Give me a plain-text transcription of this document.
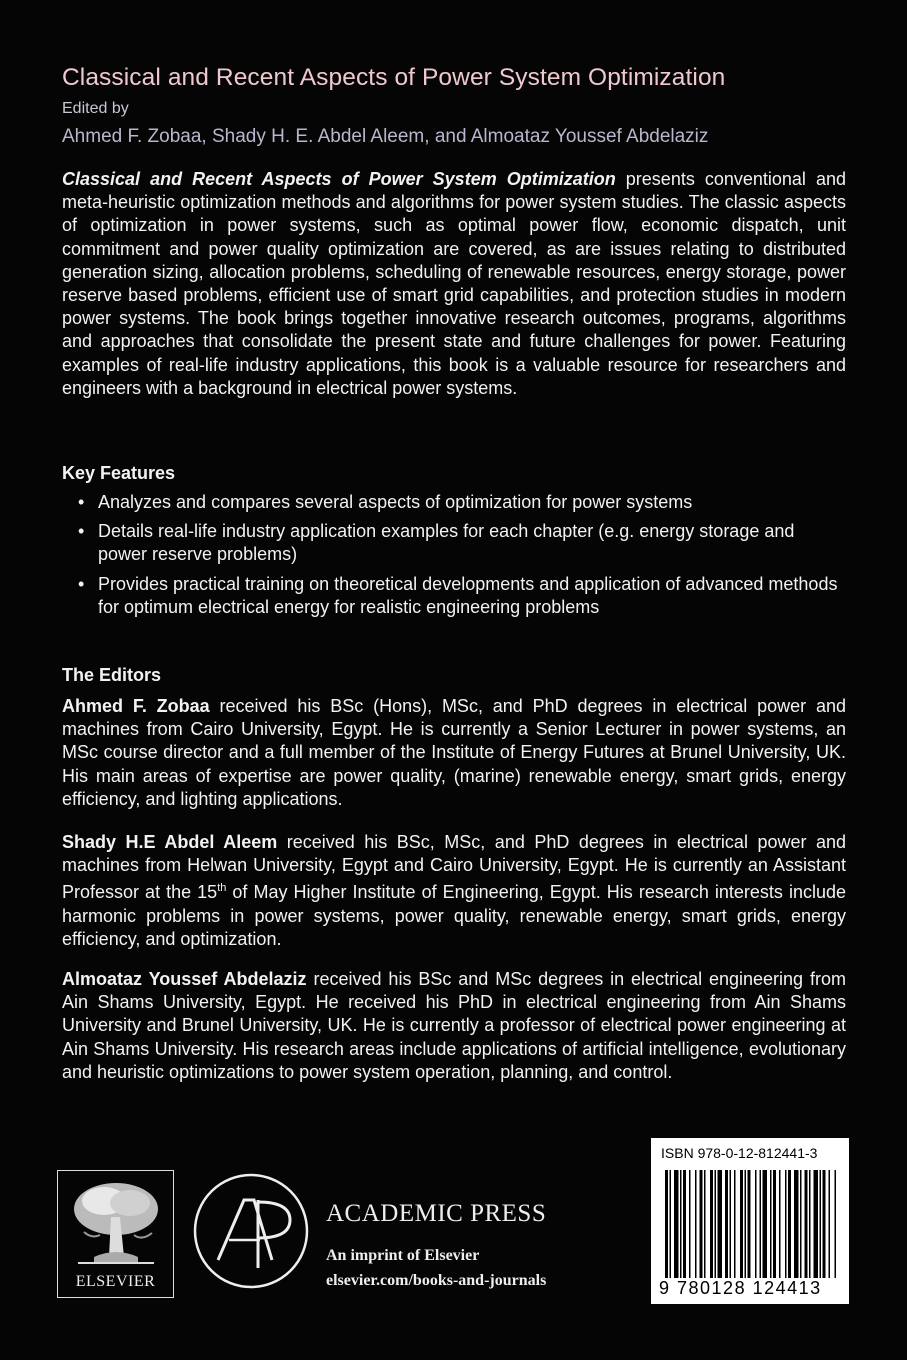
Classical and Recent Aspects of Power System Optimization
Edited by
Ahmed F. Zobaa, Shady H. E. Abdel Aleem, and Almoataz Youssef Abdelaziz

Classical and Recent Aspects of Power System Optimization presents conventional and meta-heuristic optimization methods and algorithms for power system studies. The classic aspects of optimization in power systems, such as optimal power flow, economic dispatch, unit commitment and power quality optimization are covered, as are issues relating to distributed generation sizing, allocation problems, scheduling of renewable resources, energy storage, power reserve based problems, efficient use of smart grid capabilities, and protection studies in modern power systems. The book brings together innovative research outcomes, programs, algorithms and approaches that consolidate the present state and future challenges for power. Featuring examples of real-life industry applications, this book is a valuable resource for researchers and engineers with a background in electrical power systems.

Key Features
• Analyzes and compares several aspects of optimization for power systems
• Details real-life industry application examples for each chapter (e.g. energy storage and power reserve problems)
• Provides practical training on theoretical developments and application of advanced methods for optimum electrical energy for realistic engineering problems
The Editors

Ahmed F. Zobaa received his BSc (Hons), MSc, and PhD degrees in electrical power and machines from Cairo University, Egypt. He is currently a Senior Lecturer in power systems, an MSc course director and a full member of the Institute of Energy Futures at Brunel University, UK. His main areas of expertise are power quality, (marine) renewable energy, smart grids, energy efficiency, and lighting applications.

Shady H.E Abdel Aleem received his BSc, MSc, and PhD degrees in electrical power and machines from Helwan University, Egypt and Cairo University, Egypt. He is currently an Assistant Professor at the 15th of May Higher Institute of Engineering, Egypt. His research interests include harmonic problems in power systems, power quality, renewable energy, smart grids, energy efficiency, and optimization.

Almoataz Youssef Abdelaziz received his BSc and MSc degrees in electrical engineering from Ain Shams University, Egypt. He received his PhD in electrical engineering from Ain Shams University and Brunel University, UK. He is currently a professor of electrical power engineering at Ain Shams University. His research areas include applications of artificial intelligence, evolutionary and heuristic optimizations to power system operation, planning, and control.

ELSEVIER
ACADEMIC PRESS
An imprint of Elsevier
elsevier.com/books-and-journals
ISBN 978-0-12-812441-3
9 780128 124413
